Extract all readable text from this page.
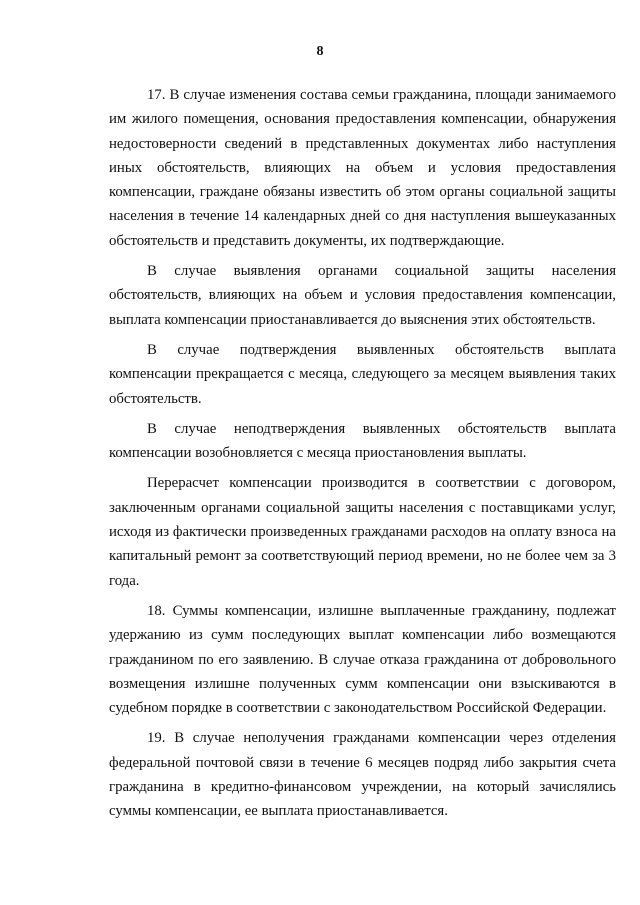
8

17. В случае изменения состава семьи гражданина, площади занимаемого им жилого помещения, основания предоставления компенсации, обнаружения недостоверности сведений в представленных документах либо наступления иных обстоятельств, влияющих на объем и условия предоставления компенсации, граждане обязаны известить об этом органы социальной защиты населения в течение 14 календарных дней со дня наступления вышеуказанных обстоятельств и представить документы, их подтверждающие.

В случае выявления органами социальной защиты населения обстоятельств, влияющих на объем и условия предоставления компенсации, выплата компенсации приостанавливается до выяснения этих обстоятельств.

В случае подтверждения выявленных обстоятельств выплата компенсации прекращается с месяца, следующего за месяцем выявления таких обстоятельств.

В случае неподтверждения выявленных обстоятельств выплата компенсации возобновляется с месяца приостановления выплаты.

Перерасчет компенсации производится в соответствии с договором, заключенным органами социальной защиты населения с поставщиками услуг, исходя из фактически произведенных гражданами расходов на оплату взноса на капитальный ремонт за соответствующий период времени, но не более чем за 3 года.

18. Суммы компенсации, излишне выплаченные гражданину, подлежат удержанию из сумм последующих выплат компенсации либо возмещаются гражданином по его заявлению. В случае отказа гражданина от добровольного возмещения излишне полученных сумм компенсации они взыскиваются в судебном порядке в соответствии с законодательством Российской Федерации.

19. В случае неполучения гражданами компенсации через отделения федеральной почтовой связи в течение 6 месяцев подряд либо закрытия счета гражданина в кредитно-финансовом учреждении, на который зачислялись суммы компенсации, ее выплата приостанавливается.
